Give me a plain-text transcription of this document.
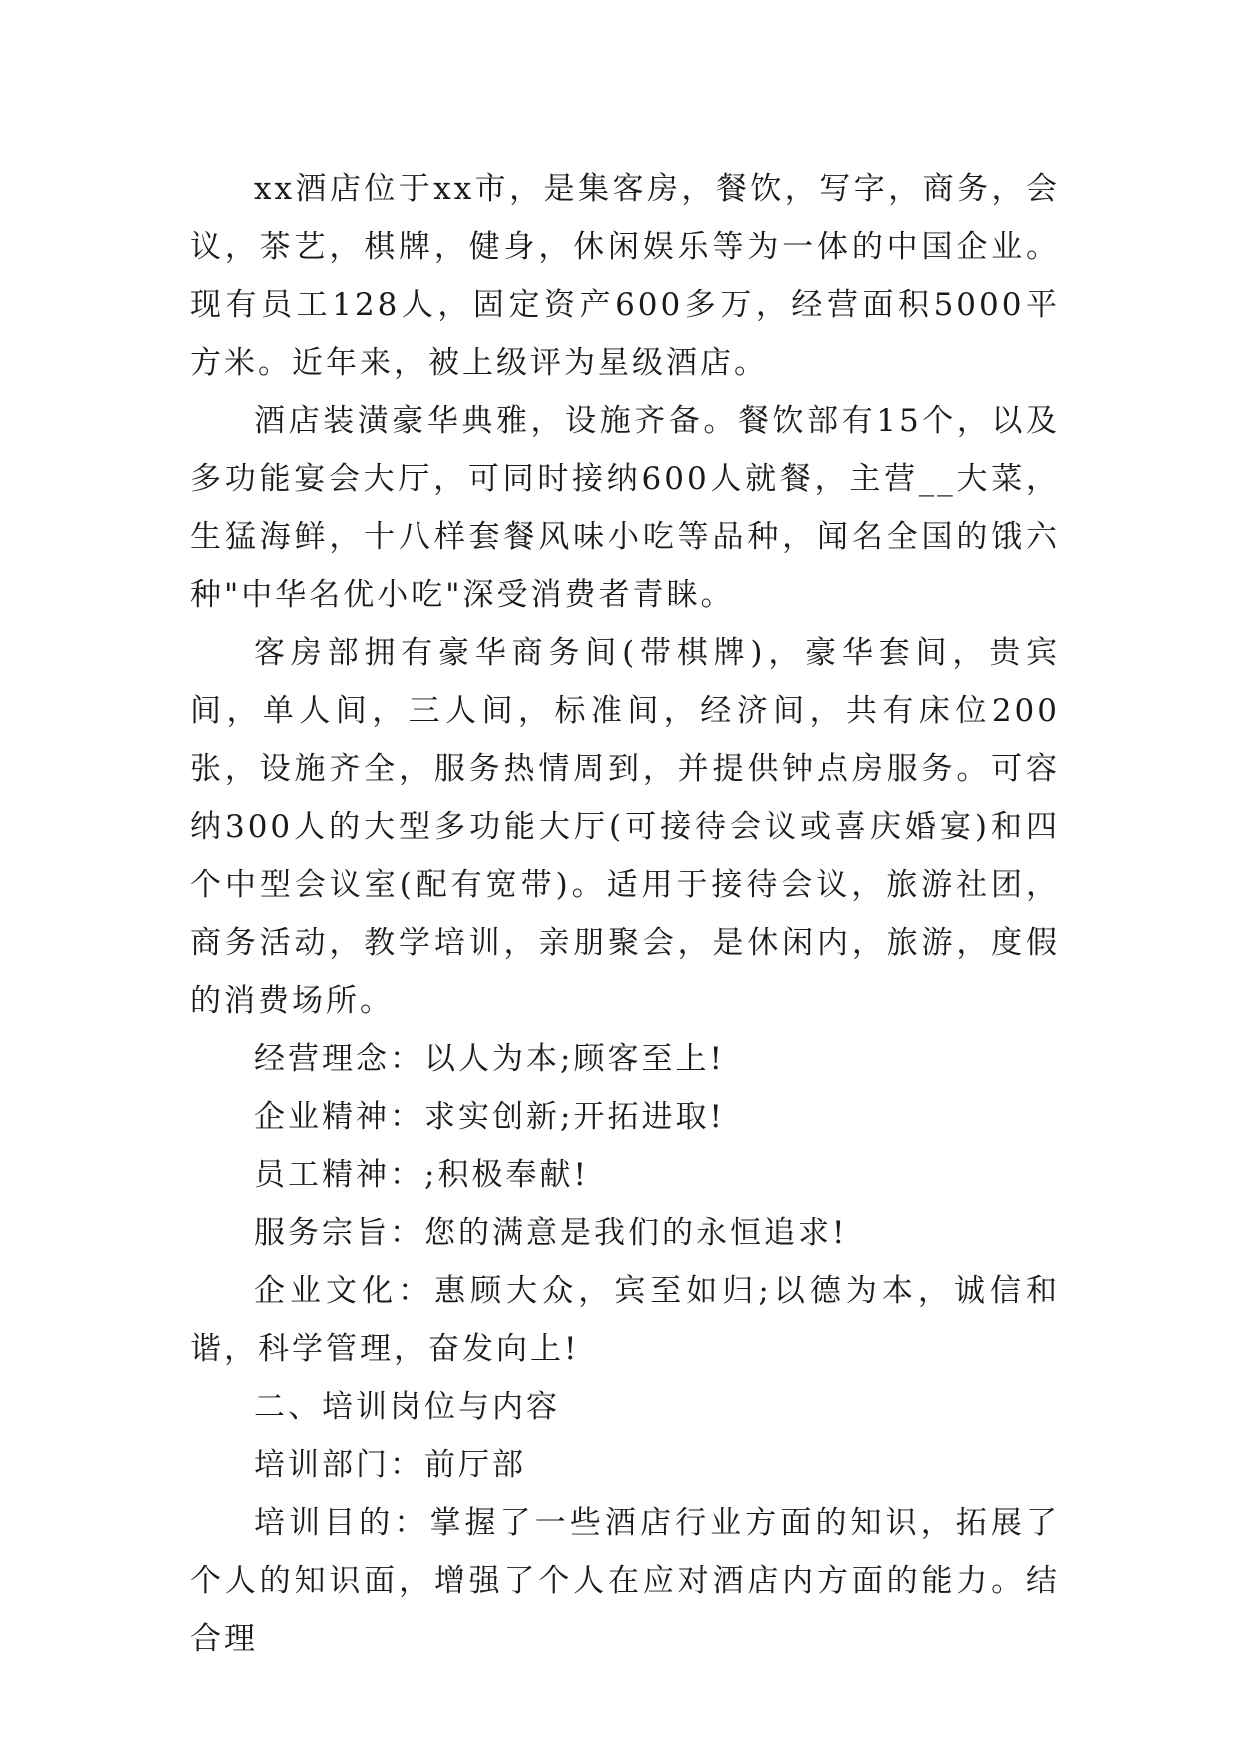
xx酒店位于xx市，是集客房，餐饮，写字，商务，会议，茶艺，棋牌，健身，休闲娱乐等为一体的中国企业。现有员工128人，固定资产600多万，经营面积5000平方米。近年来，被上级评为星级酒店。

酒店装潢豪华典雅，设施齐备。餐饮部有15个，以及多功能宴会大厅，可同时接纳600人就餐，主营__大菜，生猛海鲜，十八样套餐风味小吃等品种，闻名全国的饿六种"中华名优小吃"深受消费者青睐。

客房部拥有豪华商务间(带棋牌)，豪华套间，贵宾间，单人间，三人间，标准间，经济间，共有床位200张，设施齐全，服务热情周到，并提供钟点房服务。可容纳300人的大型多功能大厅(可接待会议或喜庆婚宴)和四个中型会议室(配有宽带)。适用于接待会议，旅游社团，商务活动，教学培训，亲朋聚会，是休闲内，旅游，度假的消费场所。

经营理念：以人为本;顾客至上!

企业精神：求实创新;开拓进取!

员工精神：;积极奉献!

服务宗旨：您的满意是我们的永恒追求!

企业文化：惠顾大众，宾至如归;以德为本，诚信和谐，科学管理，奋发向上!

二、培训岗位与内容

培训部门：前厅部

培训目的：掌握了一些酒店行业方面的知识，拓展了个人的知识面，增强了个人在应对酒店内方面的能力。结合理
